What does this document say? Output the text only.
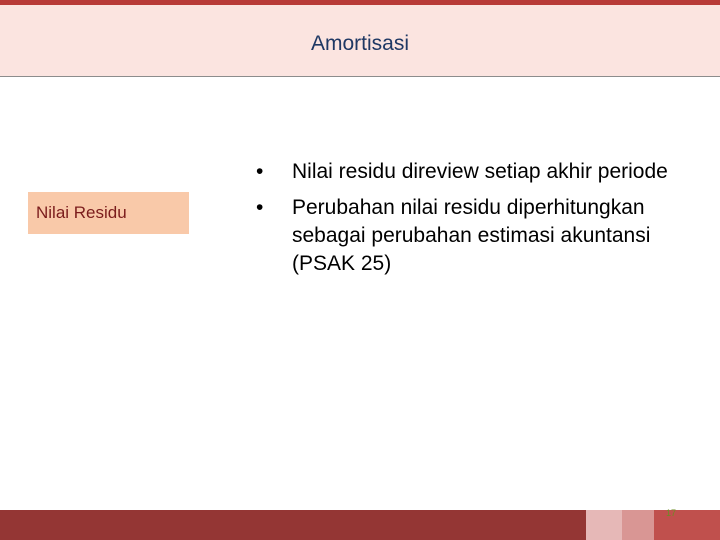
Amortisasi
Nilai Residu
•	Nilai residu direview setiap akhir periode
•	Perubahan nilai residu diperhitungkan sebagai perubahan estimasi akuntansi (PSAK 25)
17
